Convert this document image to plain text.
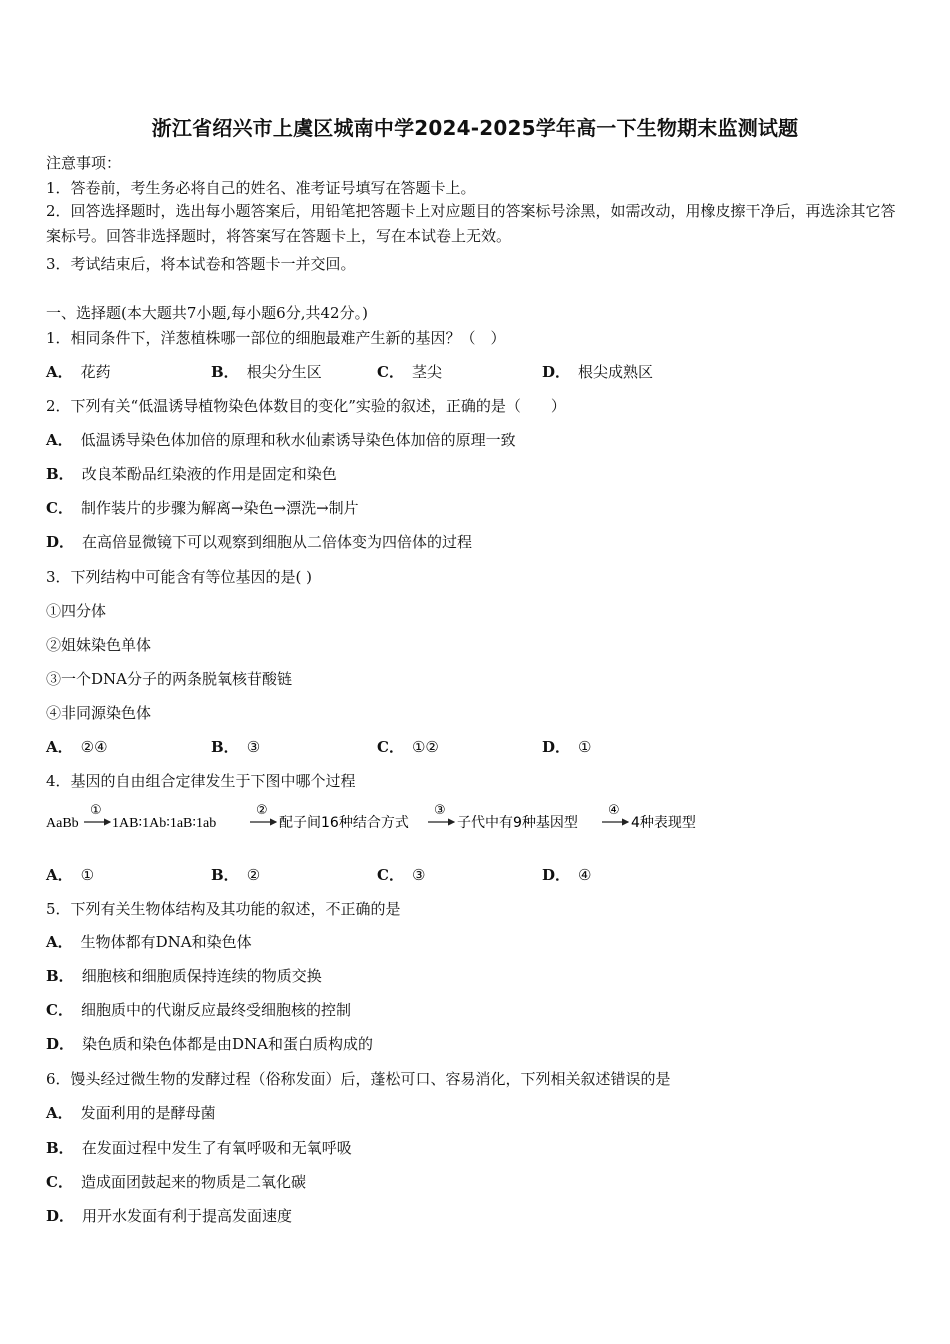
浙江省绍兴市上虞区城南中学2024-2025学年高一下生物期末监测试题
注意事项：
1．答卷前，考生务必将自己的姓名、准考证号填写在答题卡上。
2．回答选择题时，选出每小题答案后，用铅笔把答题卡上对应题目的答案标号涂黑，如需改动，用橡皮擦干净后，再选涂其它答案标号。回答非选择题时，将答案写在答题卡上，写在本试卷上无效。
3．考试结束后，将本试卷和答题卡一并交回。
一、选择题(本大题共7小题,每小题6分,共42分。)
1．相同条件下，洋葱植株哪一部位的细胞最难产生新的基因？（　）
A． 花药	B． 根尖分生区	C． 茎尖	D． 根尖成熟区
2．下列有关“低温诱导植物染色体数目的变化”实验的叙述，正确的是（　　）
A． 低温诱导染色体加倍的原理和秋水仙素诱导染色体加倍的原理一致
B． 改良苯酚品红染液的作用是固定和染色
C． 制作装片的步骤为解离→染色→漂洗→制片
D． 在高倍显微镜下可以观察到细胞从二倍体变为四倍体的过程
3．下列结构中可能含有等位基因的是( )
①四分体
②姐妹染色单体
③一个DNA分子的两条脱氧核苷酸链
④非同源染色体
A． ②④	B． ③	C． ①②	D． ①
4．基因的自由组合定律发生于下图中哪个过程
AaBb
①
1AB∶1Ab∶1aB∶1ab
②
配子间16种结合方式
③
子代中有9种基因型
④
4种表现型
A． ①	B． ②	C． ③	D． ④
5．下列有关生物体结构及其功能的叙述，不正确的是
A． 生物体都有DNA和染色体
B． 细胞核和细胞质保持连续的物质交换
C． 细胞质中的代谢反应最终受细胞核的控制
D． 染色质和染色体都是由DNA和蛋白质构成的
6．馒头经过微生物的发酵过程（俗称发面）后，蓬松可口、容易消化，下列相关叙述错误的是
A． 发面利用的是酵母菌
B． 在发面过程中发生了有氧呼吸和无氧呼吸
C． 造成面团鼓起来的物质是二氧化碳
D． 用开水发面有利于提高发面速度
